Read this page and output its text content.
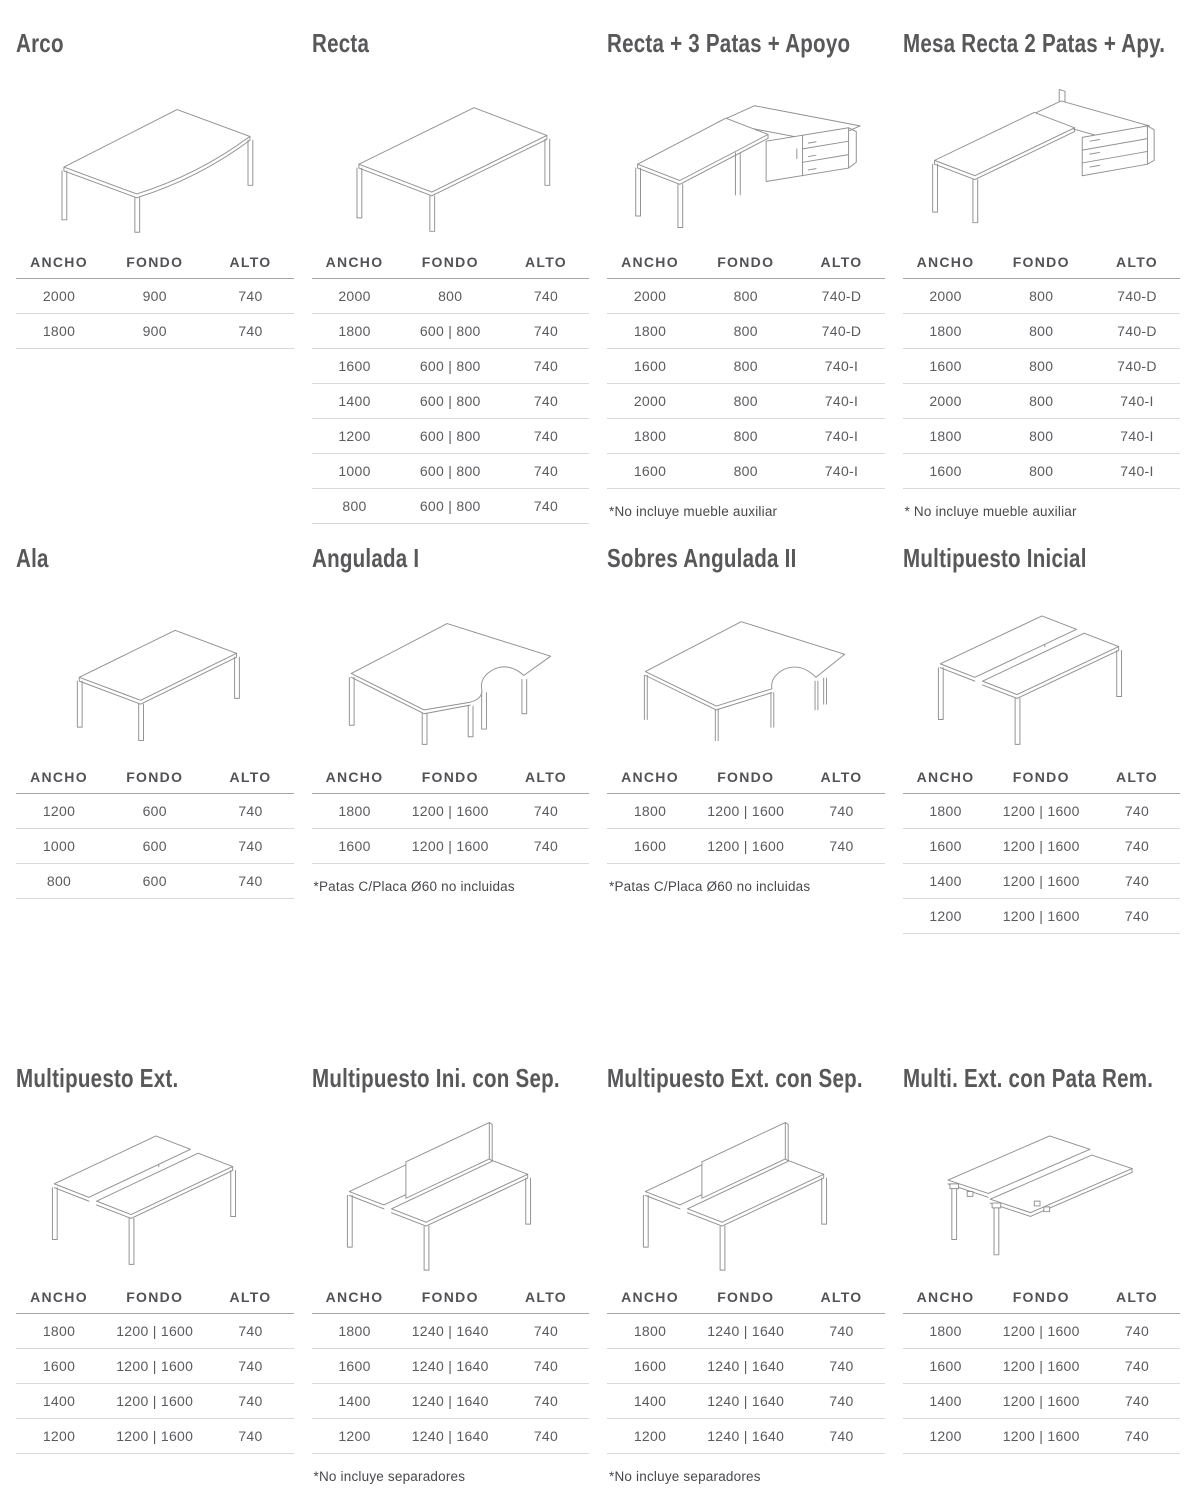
Arco
ANCHO	FONDO	ALTO
2000	900	740
1800	900	740
Recta
ANCHO	FONDO	ALTO
2000	800	740
1800	600 | 800	740
1600	600 | 800	740
1400	600 | 800	740
1200	600 | 800	740
1000	600 | 800	740
800	600 | 800	740
Recta + 3 Patas + Apoyo
ANCHO	FONDO	ALTO
2000	800	740-D
1800	800	740-D
1600	800	740-I
2000	800	740-I
1800	800	740-I
1600	800	740-I
*No incluye mueble auxiliar
Mesa Recta 2 Patas + Apy.
ANCHO	FONDO	ALTO
2000	800	740-D
1800	800	740-D
1600	800	740-D
2000	800	740-I
1800	800	740-I
1600	800	740-I
* No incluye mueble auxiliar
Ala
ANCHO	FONDO	ALTO
1200	600	740
1000	600	740
800	600	740
Angulada I
ANCHO	FONDO	ALTO
1800	1200 | 1600	740
1600	1200 | 1600	740
*Patas C/Placa Ø60 no incluidas
Sobres Angulada II
ANCHO	FONDO	ALTO
1800	1200 | 1600	740
1600	1200 | 1600	740
*Patas C/Placa Ø60 no incluidas
Multipuesto Inicial
ANCHO	FONDO	ALTO
1800	1200 | 1600	740
1600	1200 | 1600	740
1400	1200 | 1600	740
1200	1200 | 1600	740
Multipuesto Ext.
ANCHO	FONDO	ALTO
1800	1200 | 1600	740
1600	1200 | 1600	740
1400	1200 | 1600	740
1200	1200 | 1600	740
Multipuesto Ini. con Sep.
ANCHO	FONDO	ALTO
1800	1240 | 1640	740
1600	1240 | 1640	740
1400	1240 | 1640	740
1200	1240 | 1640	740
*No incluye separadores
Multipuesto Ext. con Sep.
ANCHO	FONDO	ALTO
1800	1240 | 1640	740
1600	1240 | 1640	740
1400	1240 | 1640	740
1200	1240 | 1640	740
*No incluye separadores
Multi. Ext. con Pata Rem.
ANCHO	FONDO	ALTO
1800	1200 | 1600	740
1600	1200 | 1600	740
1400	1200 | 1600	740
1200	1200 | 1600	740
